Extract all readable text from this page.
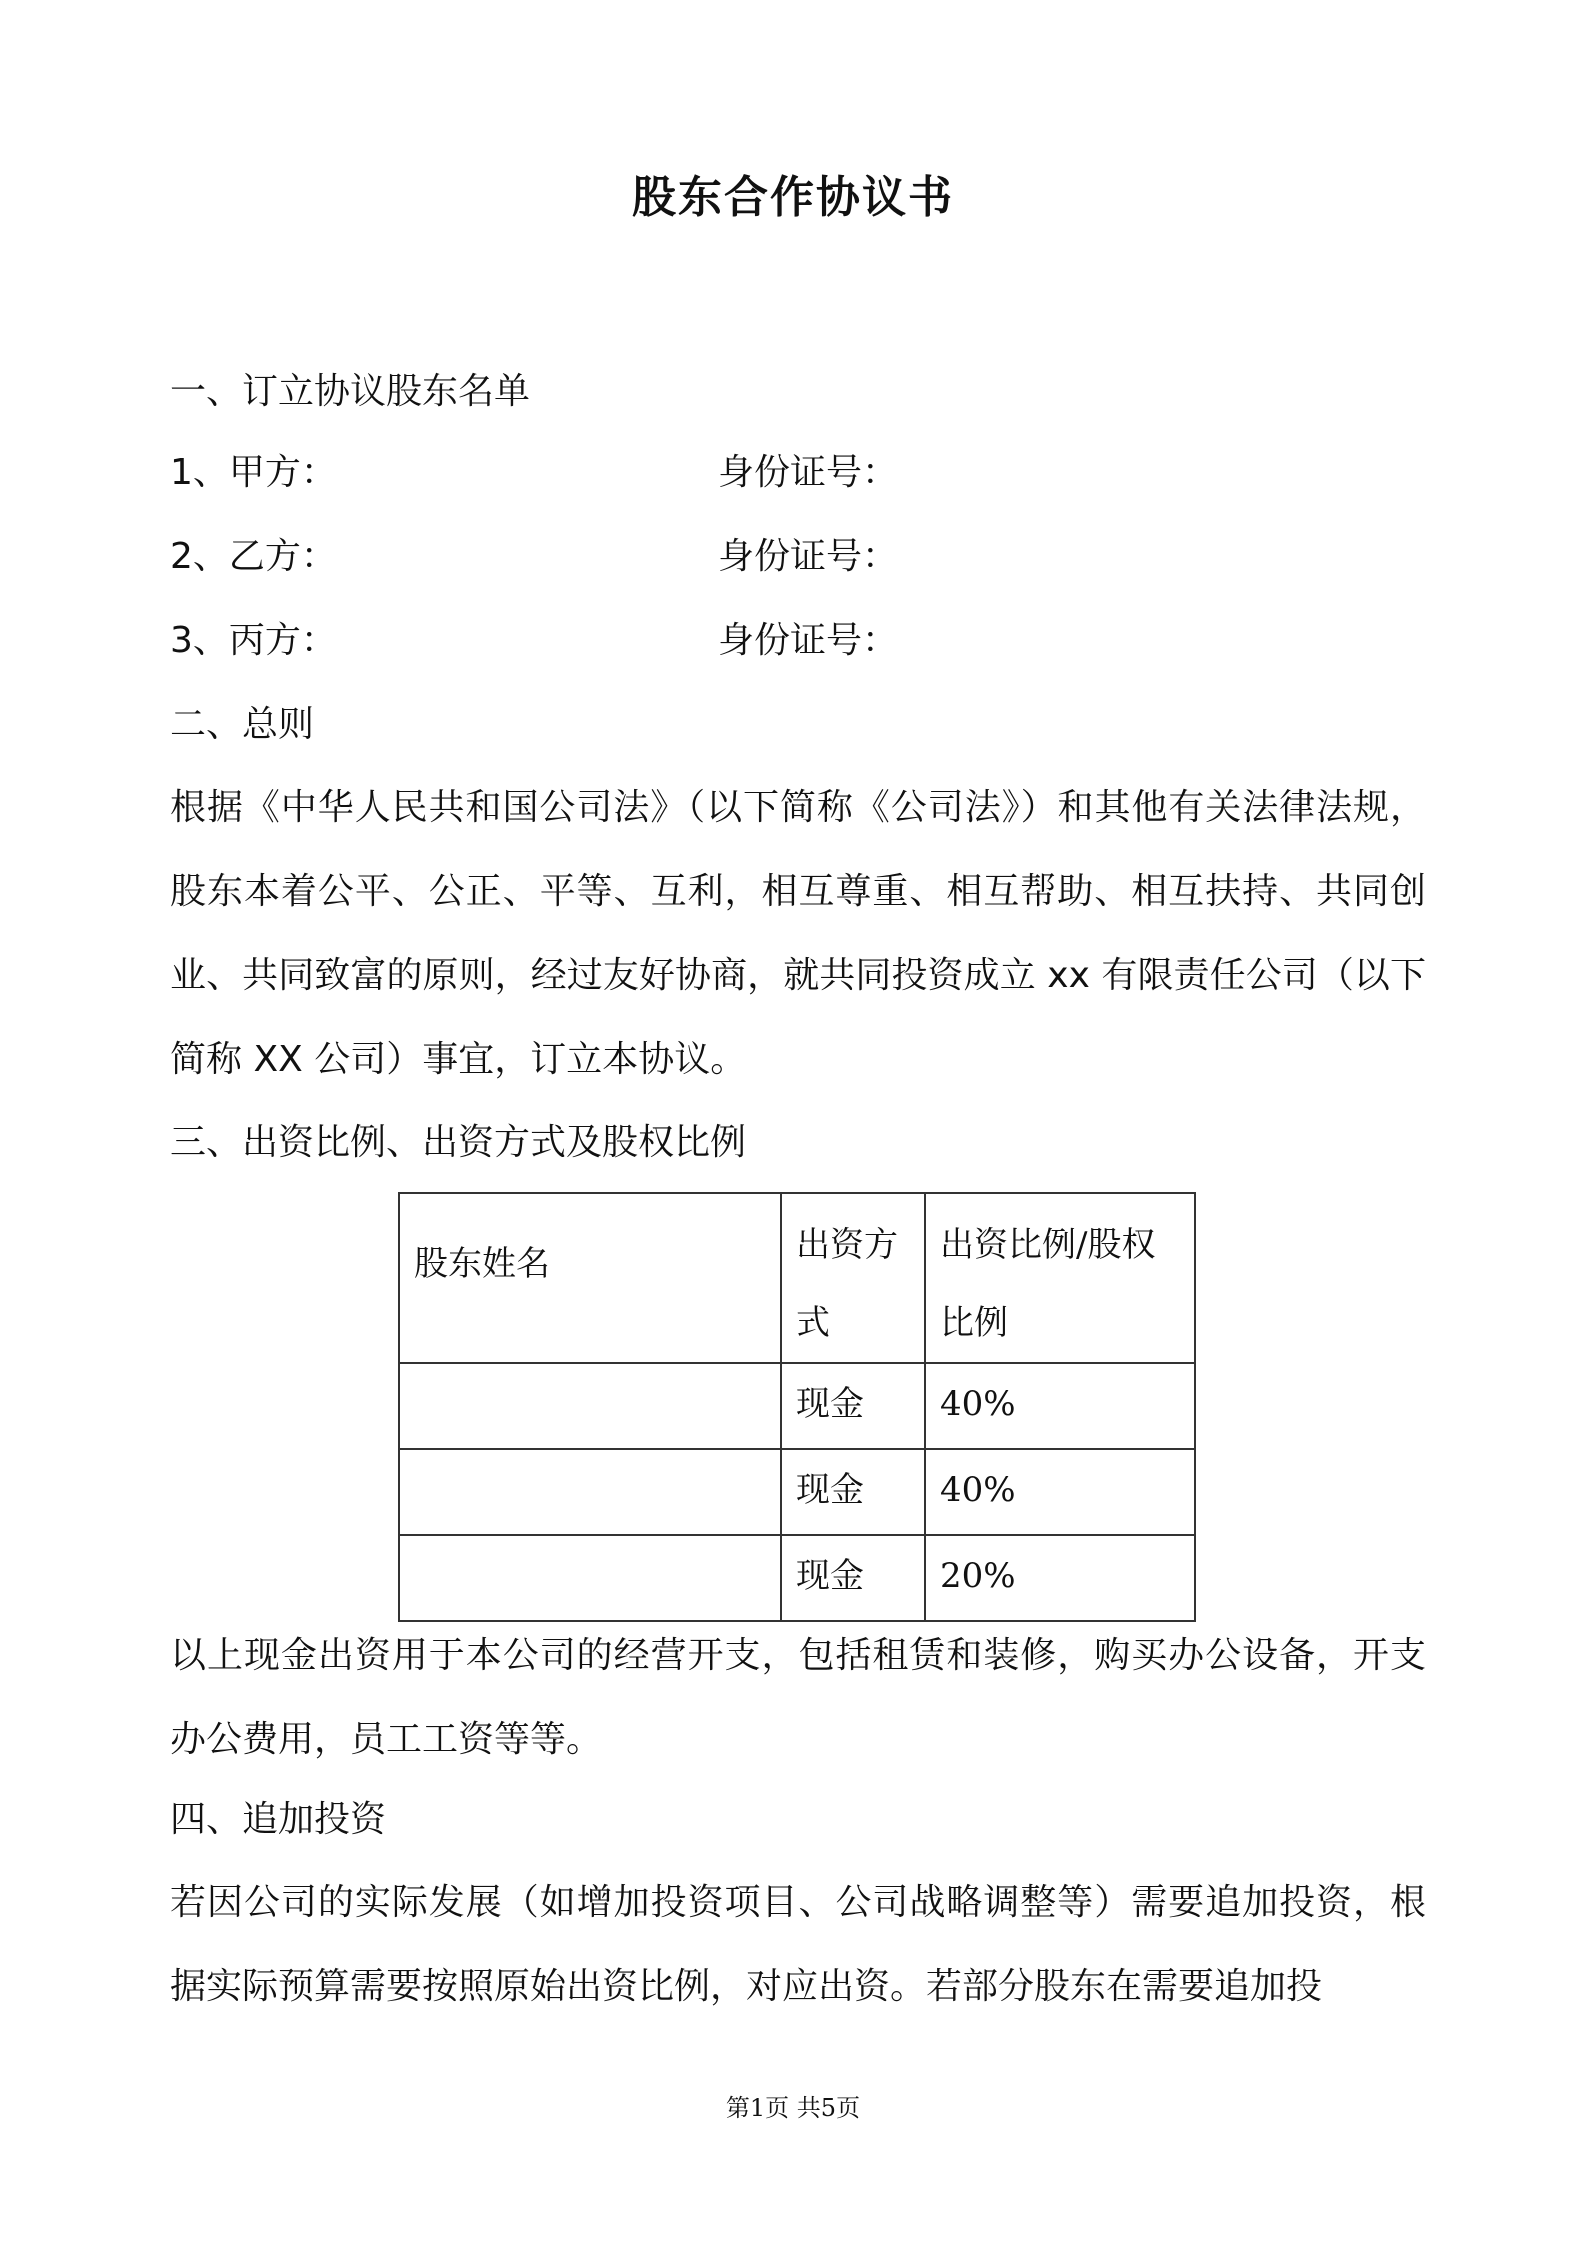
股东合作协议书
一、订立协议股东名单
1、甲方：	身份证号：
2、乙方：	身份证号：
3、丙方：	身份证号：
二、总则
根据《中华人民共和国公司法》（以下简称《公司法》）和其他有关法律法规，股东本着公平、公正、平等、互利，相互尊重、相互帮助、相互扶持、共同创业、共同致富的原则，经过友好协商，就共同投资成立 xx 有限责任公司（以下简称 XX 公司）事宜，订立本协议。
三、出资比例、出资方式及股权比例
股东姓名	出资方式	出资比例/股权比例

	现金	40%
	现金	40%
	现金	20%
以上现金出资用于本公司的经营开支，包括租赁和装修，购买办公设备，开支办公费用，员工工资等等。
四、追加投资
若因公司的实际发展（如增加投资项目、公司战略调整等）需要追加投资，根据实际预算需要按照原始出资比例，对应出资。若部分股东在需要追加投
第1页 共5页
